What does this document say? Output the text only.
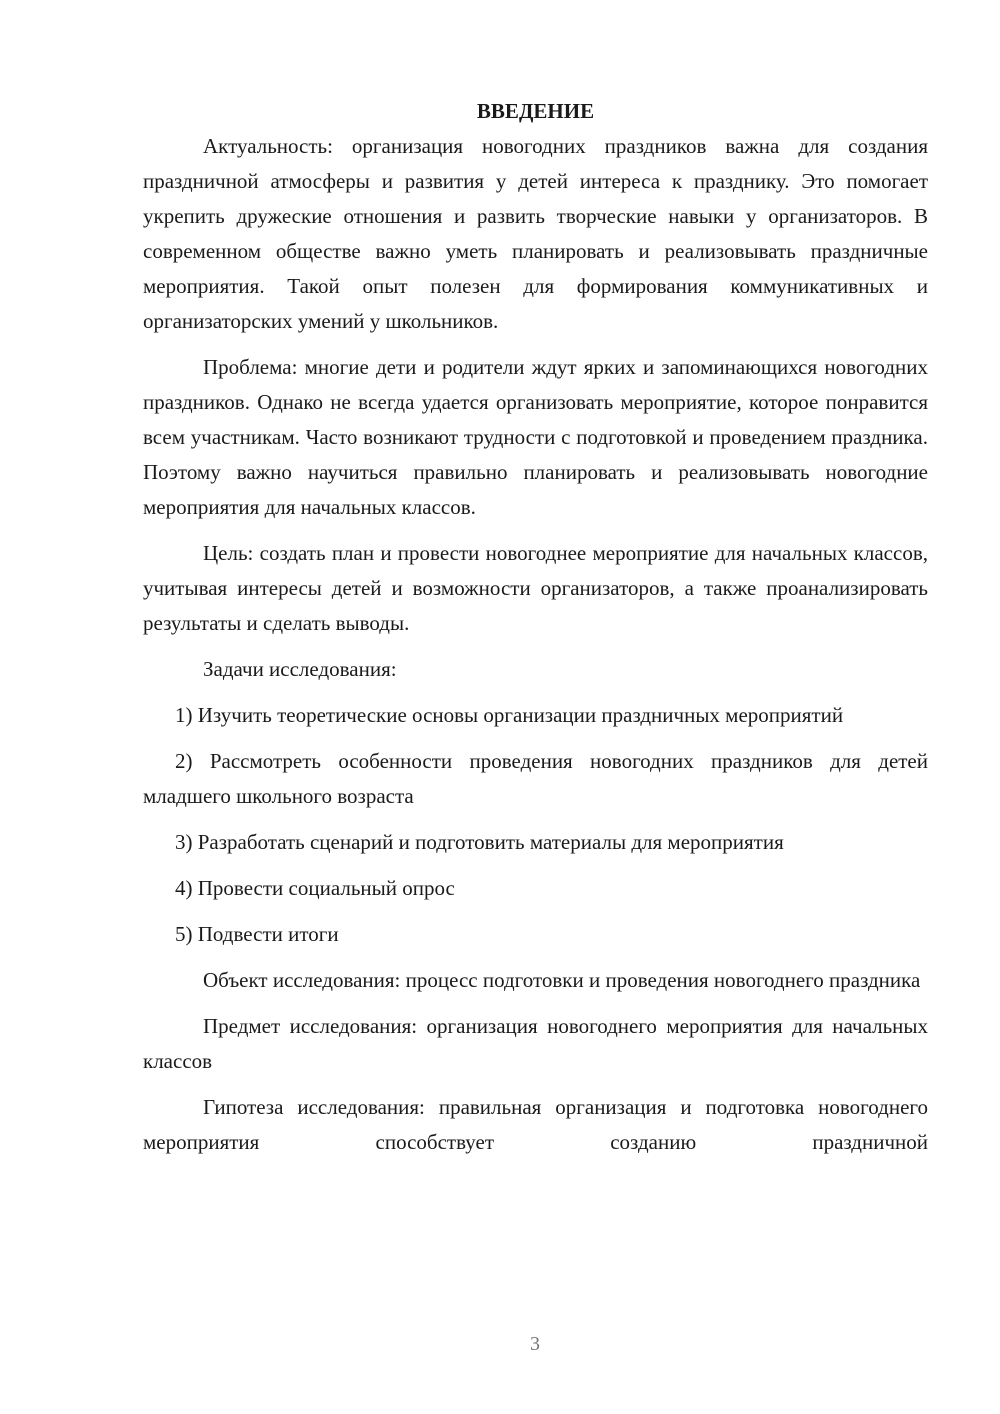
ВВЕДЕНИЕ

Актуальность: организация новогодних праздников важна для создания праздничной атмосферы и развития у детей интереса к празднику. Это помогает укрепить дружеские отношения и развить творческие навыки у организаторов. В современном обществе важно уметь планировать и реализовывать праздничные мероприятия. Такой опыт полезен для формирования коммуникативных и организаторских умений у школьников.

Проблема: многие дети и родители ждут ярких и запоминающихся новогодних праздников. Однако не всегда удается организовать мероприятие, которое понравится всем участникам. Часто возникают трудности с подготовкой и проведением праздника. Поэтому важно научиться правильно планировать и реализовывать новогодние мероприятия для начальных классов.

Цель: создать план и провести новогоднее мероприятие для начальных классов, учитывая интересы детей и возможности организаторов, а также проанализировать результаты и сделать выводы.

Задачи исследования:

1) Изучить теоретические основы организации праздничных мероприятий

2) Рассмотреть особенности проведения новогодних праздников для детей младшего школьного возраста

3) Разработать сценарий и подготовить материалы для мероприятия

4) Провести социальный опрос

5) Подвести итоги

Объект исследования: процесс подготовки и проведения новогоднего праздника

Предмет исследования: организация новогоднего мероприятия для начальных классов

Гипотеза исследования: правильная организация и подготовка новогоднего мероприятия способствует созданию праздничной

3
